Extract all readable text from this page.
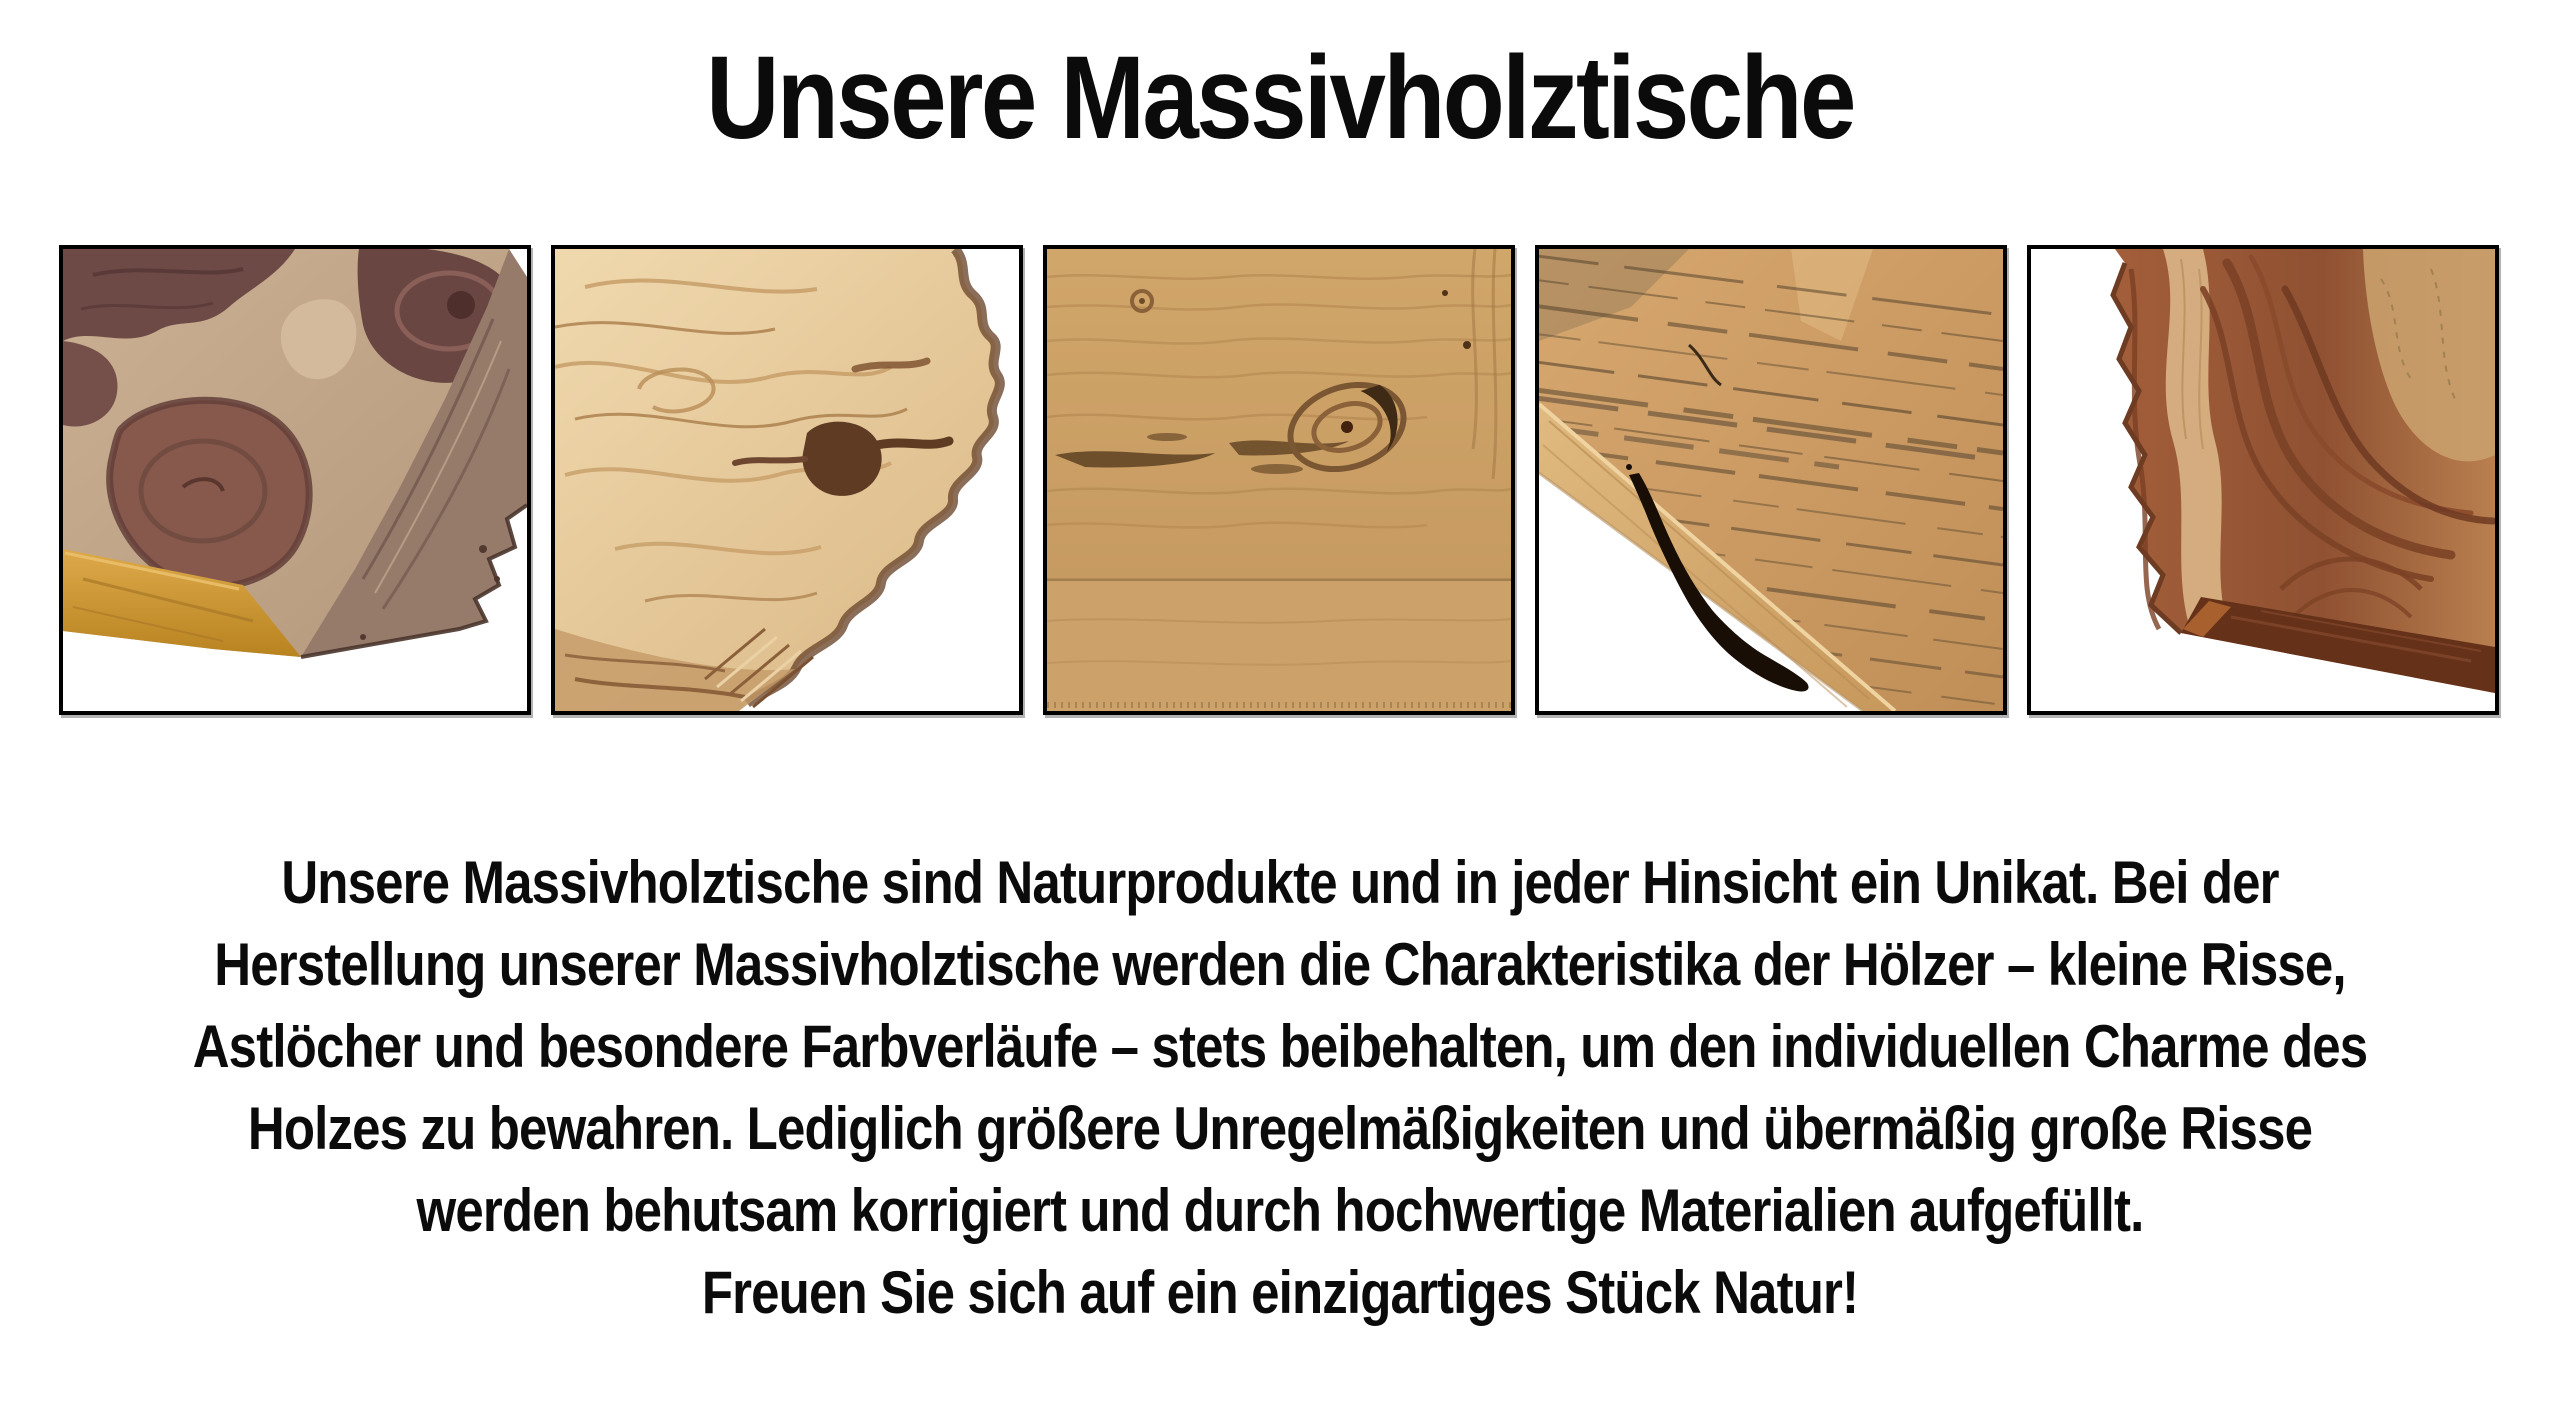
Unsere Massivholztische
Unsere Massivholztische sind Naturprodukte und in jeder Hinsicht ein Unikat. Bei der
Herstellung unserer Massivholztische werden die Charakteristika der Hölzer – kleine Risse,
Astlöcher und besondere Farbverläufe – stets beibehalten, um den individuellen Charme des
Holzes zu bewahren. Lediglich größere Unregelmäßigkeiten und übermäßig große Risse
werden behutsam korrigiert und durch hochwertige Materialien aufgefüllt.
Freuen Sie sich auf ein einzigartiges Stück Natur!
